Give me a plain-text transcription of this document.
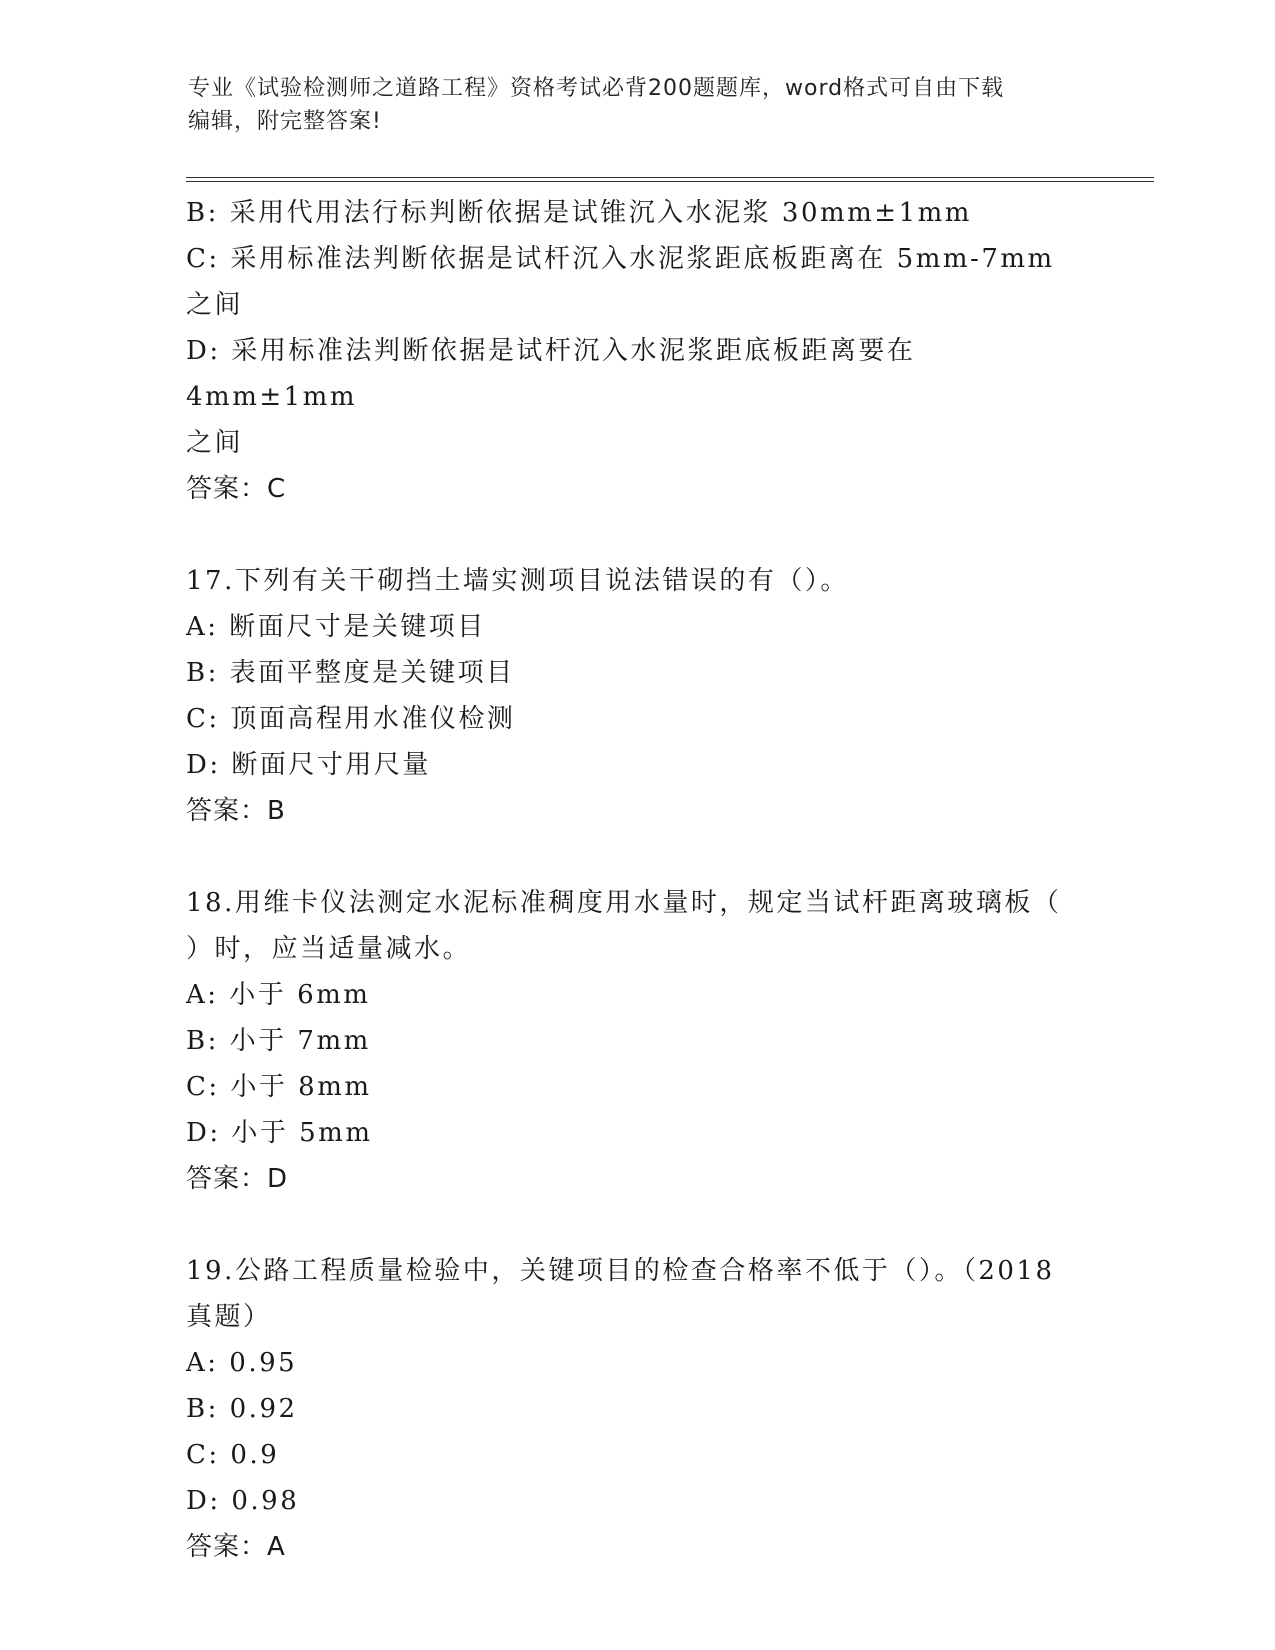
专业《试验检测师之道路工程》资格考试必背200题题库，word格式可自由下载
编辑，附完整答案!
B: 采用代用法行标判断依据是试锥沉入水泥浆 30mm±1mm
C: 采用标准法判断依据是试杆沉入水泥浆距底板距离在 5mm-7mm 之间
D: 采用标准法判断依据是试杆沉入水泥浆距底板距离要在 4mm±1mm
之间
答案：C
17.下列有关干砌挡土墙实测项目说法错误的有（）。
A: 断面尺寸是关键项目
B: 表面平整度是关键项目
C: 顶面高程用水准仪检测
D: 断面尺寸用尺量
答案：B
18.用维卡仪法测定水泥标准稠度用水量时，规定当试杆距离玻璃板（
）时，应当适量减水。
A: 小于 6mm
B: 小于 7mm
C: 小于 8mm
D: 小于 5mm
答案：D
19.公路工程质量检验中，关键项目的检查合格率不低于（）。（2018
真题）
A: 0.95
B: 0.92
C: 0.9
D: 0.98
答案：A
